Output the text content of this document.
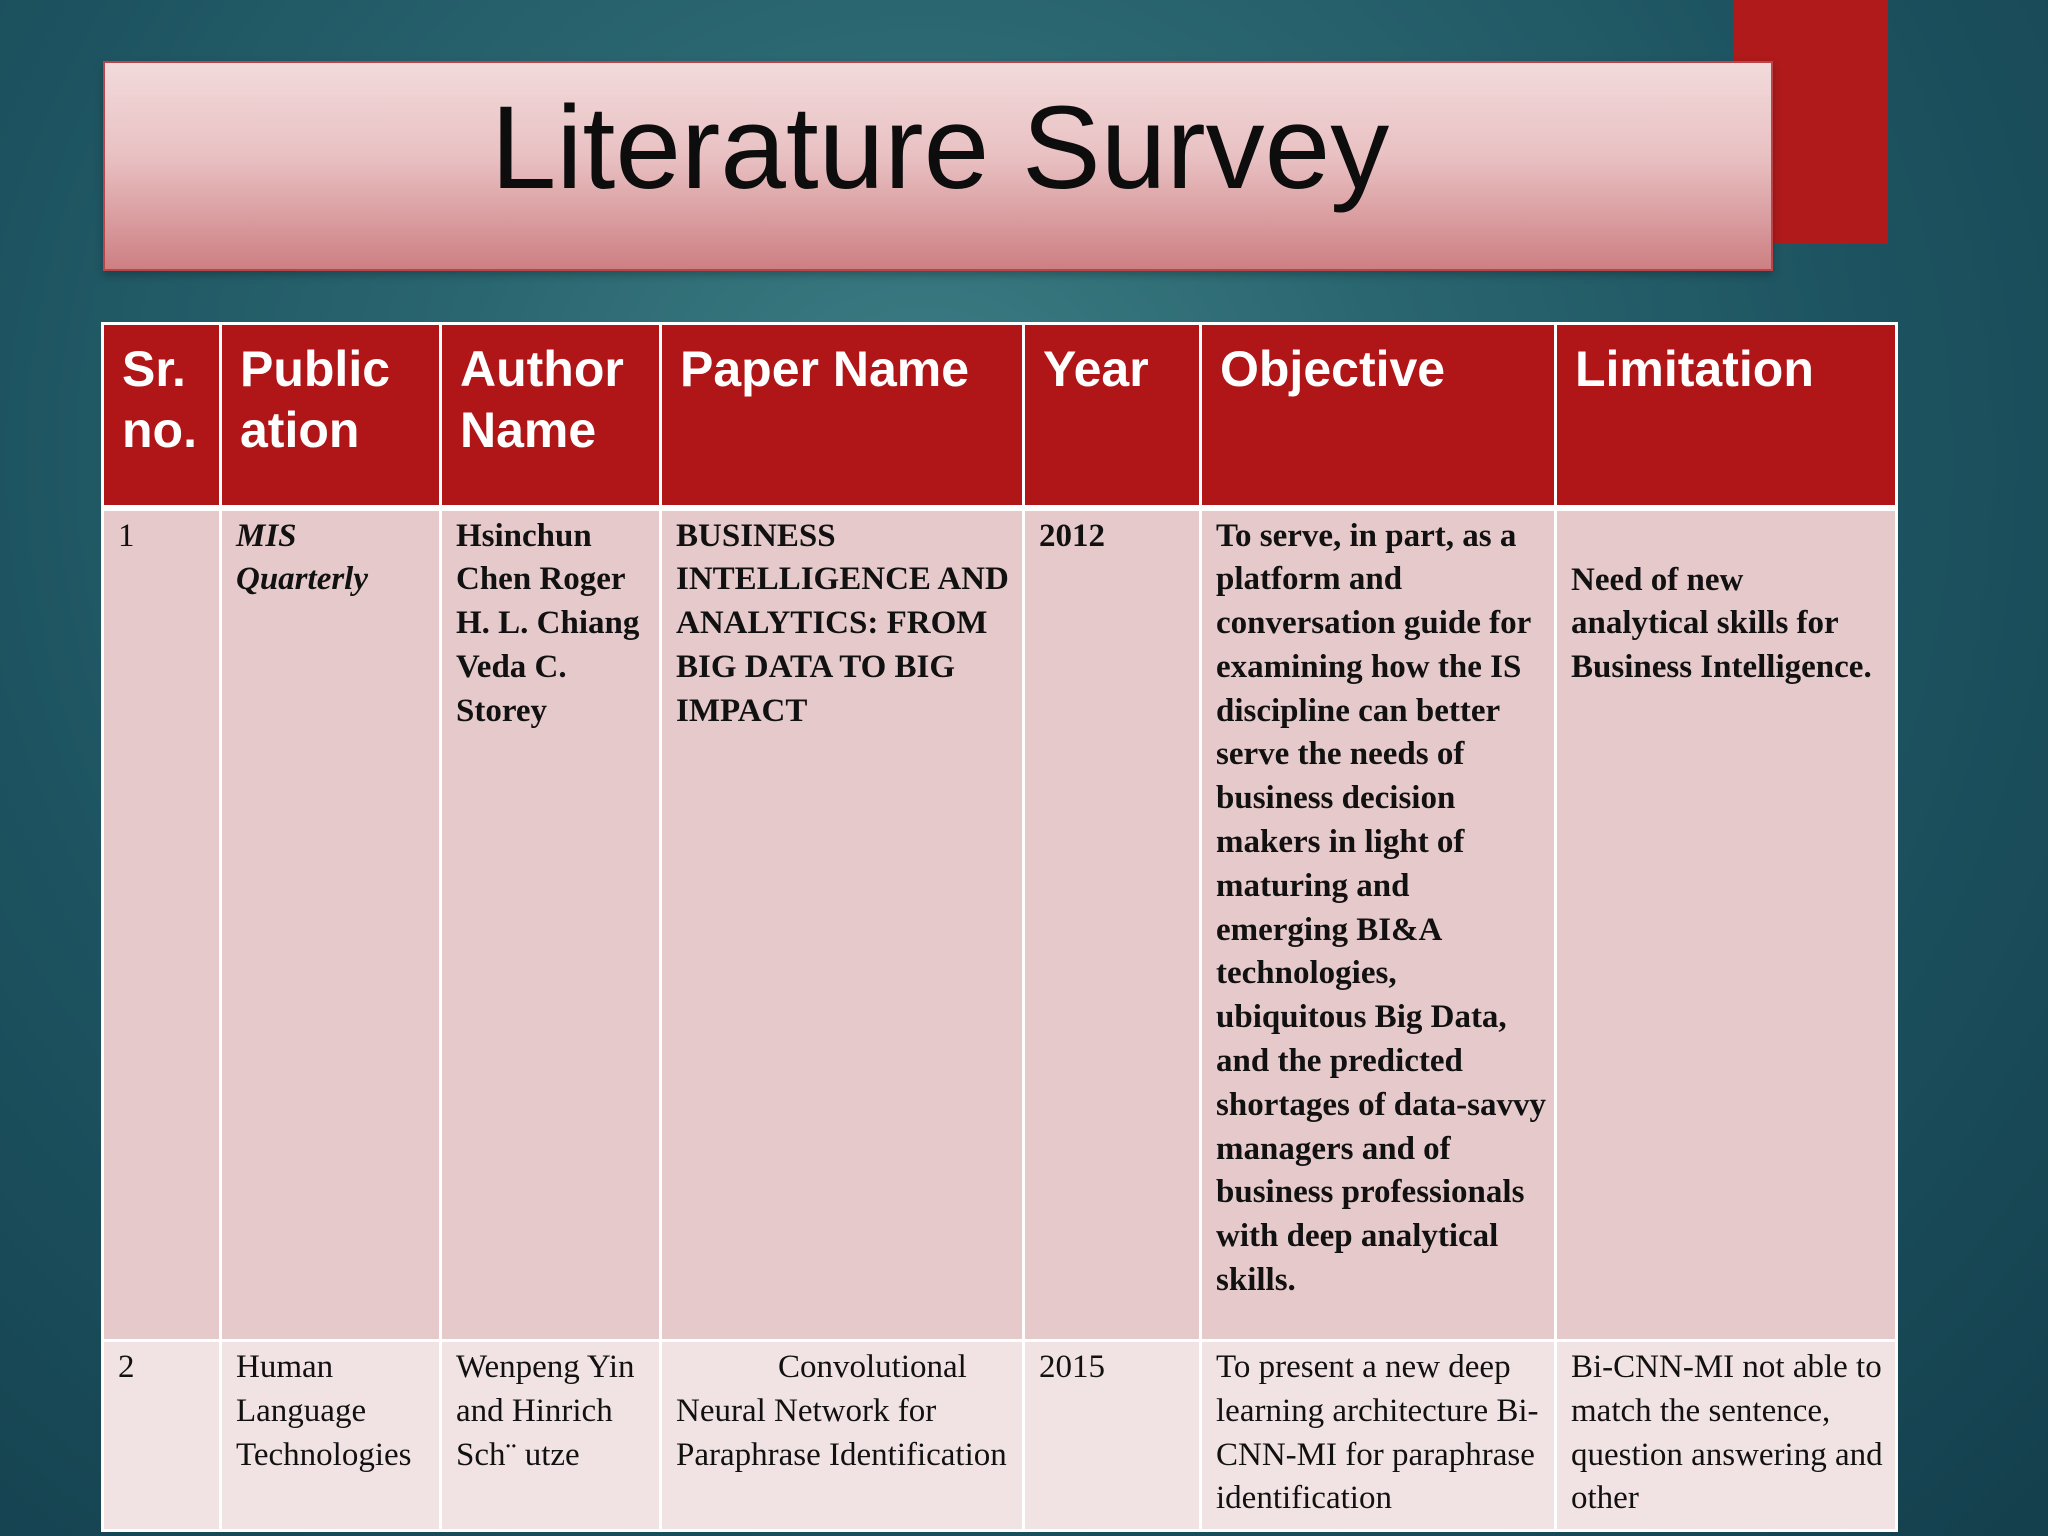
Literature Survey
Sr. no.	Public ation	Author Name	Paper Name	Year	Objective	Limitation
1	MIS Quarterly	Hsinchun Chen Roger H. L. Chiang Veda C. Storey	BUSINESS INTELLIGENCE AND ANALYTICS: FROM BIG DATA TO BIG IMPACT	2012	To serve, in part, as a platform and conversation guide for examining how the IS discipline can better serve the needs of business decision makers in light of maturing and emerging BI&A technologies, ubiquitous Big Data, and the predicted shortages of data-savvy managers and of business professionals with deep analytical skills.	Need of new analytical skills for Business Intelligence.
2	Human Language Technologies	Wenpeng Yin and Hinrich Sch¨ utze	Convolutional Neural Network for Paraphrase Identification	2015	To present a new deep learning architecture Bi-CNN-MI for paraphrase identification	Bi-CNN-MI not able to match the sentence, question answering and other
